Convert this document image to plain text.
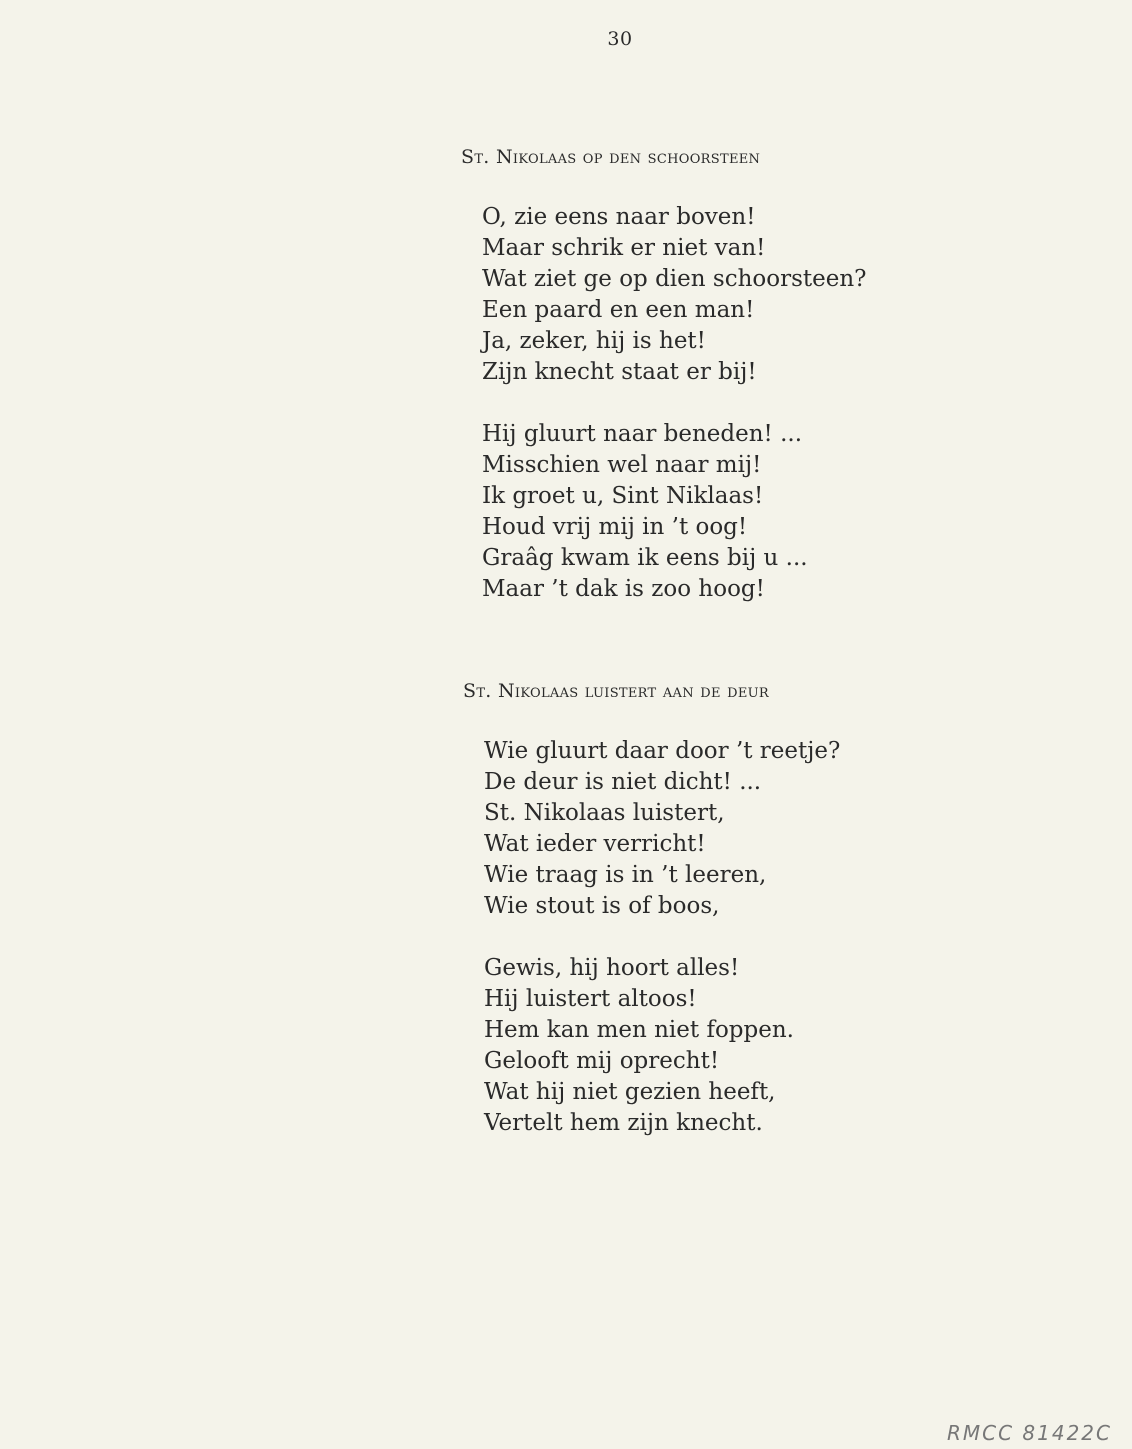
30
St. Nikolaas op den schoorsteen
O, zie eens naar boven!
Maar schrik er niet van!
Wat ziet ge op dien schoorsteen?
Een paard en een man!
Ja, zeker, hij is het!
Zijn knecht staat er bij!
Hij gluurt naar beneden! ...
Misschien wel naar mij!
Ik groet u, Sint Niklaas!
Houd vrij mij in ’t oog!
Graâg kwam ik eens bij u ...
Maar ’t dak is zoo hoog!
St. Nikolaas luistert aan de deur
Wie gluurt daar door ’t reetje?
De deur is niet dicht! ...
St. Nikolaas luistert,
Wat ieder verricht!
Wie traag is in ’t leeren,
Wie stout is of boos,
Gewis, hij hoort alles!
Hij luistert altoos!
Hem kan men niet foppen.
Gelooft mij oprecht!
Wat hij niet gezien heeft,
Vertelt hem zijn knecht.
RMCC 81422C
